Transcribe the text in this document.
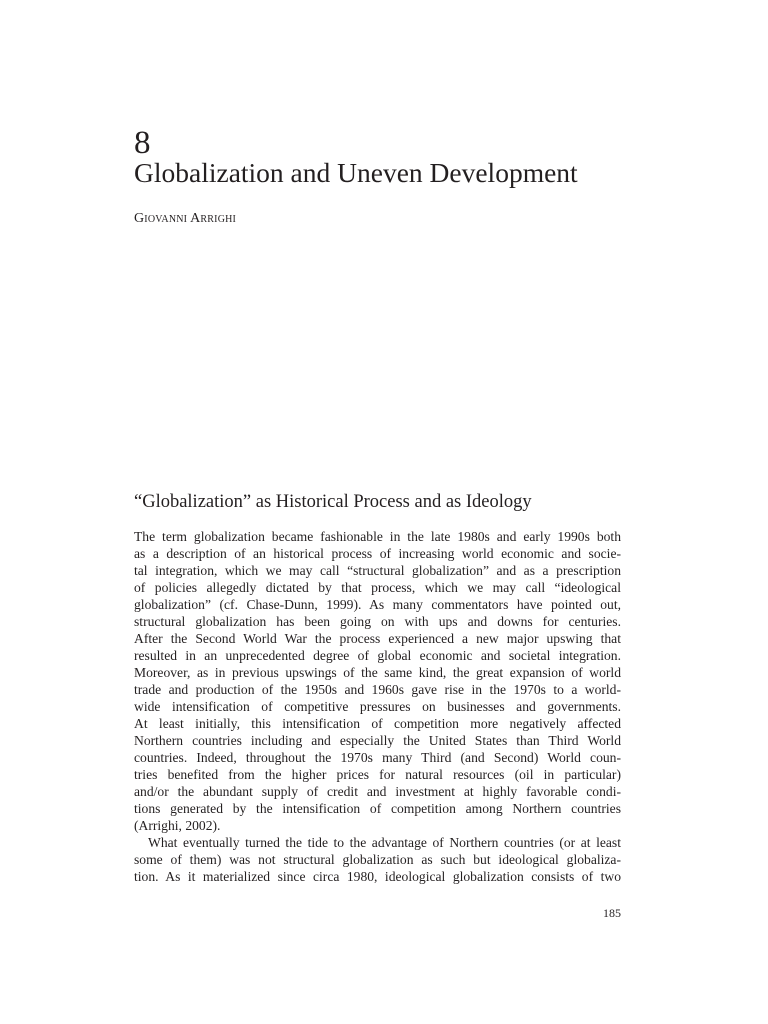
8
Globalization and Uneven Development

Giovanni Arrighi

“Globalization” as Historical Process and as Ideology
The term globalization became fashionable in the late 1980s and early 1990s both
as a description of an historical process of increasing world economic and socie-
tal integration, which we may call “structural globalization” and as a prescription
of policies allegedly dictated by that process, which we may call “ideological
globalization” (cf. Chase-Dunn, 1999). As many commentators have pointed out,
structural globalization has been going on with ups and downs for centuries.
After the Second World War the process experienced a new major upswing that
resulted in an unprecedented degree of global economic and societal integration.
Moreover, as in previous upswings of the same kind, the great expansion of world
trade and production of the 1950s and 1960s gave rise in the 1970s to a world-
wide intensification of competitive pressures on businesses and governments.
At least initially, this intensification of competition more negatively affected
Northern countries including and especially the United States than Third World
countries. Indeed, throughout the 1970s many Third (and Second) World coun-
tries benefited from the higher prices for natural resources (oil in particular)
and/or the abundant supply of credit and investment at highly favorable condi-
tions generated by the intensification of competition among Northern countries
(Arrighi, 2002).
What eventually turned the tide to the advantage of Northern countries (or at least
some of them) was not structural globalization as such but ideological globaliza-
tion. As it materialized since circa 1980, ideological globalization consists of two

185
